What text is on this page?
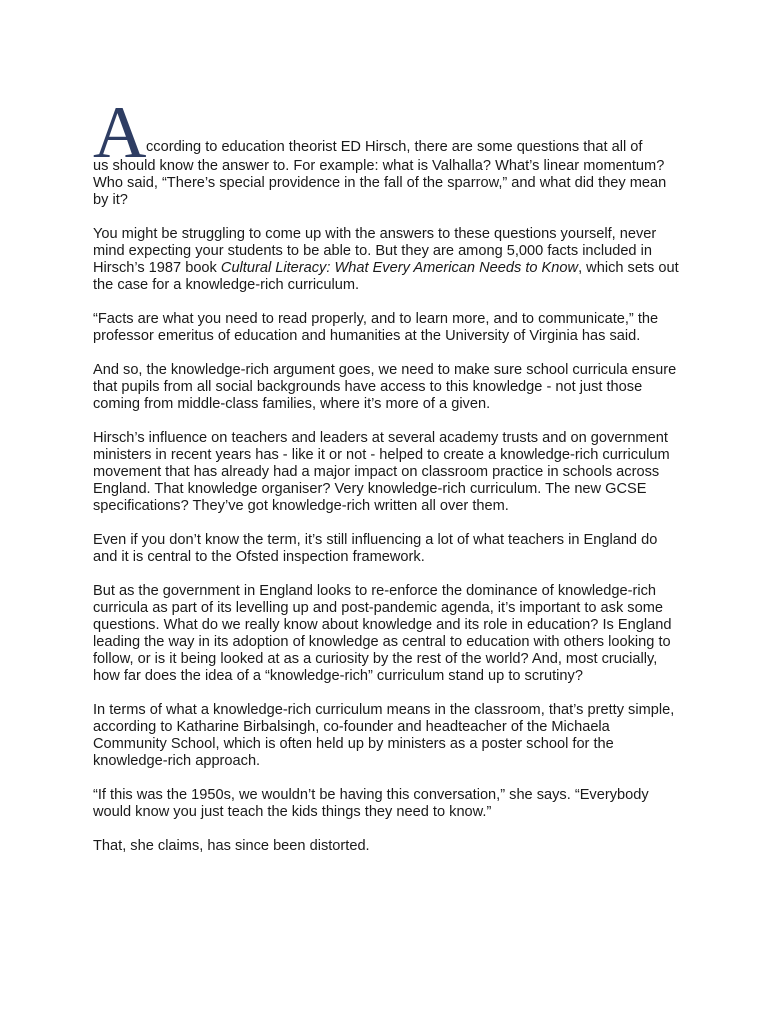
A ccording to education theorist ED Hirsch, there are some questions that all of

us should know the answer to. For example: what is Valhalla? What’s linear momentum? Who said, “There’s special providence in the fall of the sparrow,” and what did they mean by it?

You might be struggling to come up with the answers to these questions yourself, never mind expecting your students to be able to. But they are among 5,000 facts included in Hirsch’s 1987 book Cultural Literacy: What Every American Needs to Know, which sets out the case for a knowledge-rich curriculum.

“Facts are what you need to read properly, and to learn more, and to communicate,” the professor emeritus of education and humanities at the University of Virginia has said.

And so, the knowledge-rich argument goes, we need to make sure school curricula ensure that pupils from all social backgrounds have access to this knowledge - not just those coming from middle-class families, where it’s more of a given.

Hirsch’s influence on teachers and leaders at several academy trusts and on government ministers in recent years has - like it or not - helped to create a knowledge-rich curriculum movement that has already had a major impact on classroom practice in schools across England. That knowledge organiser? Very knowledge-rich curriculum. The new GCSE specifications? They’ve got knowledge-rich written all over them.

Even if you don’t know the term, it’s still influencing a lot of what teachers in England do and it is central to the Ofsted inspection framework.

But as the government in England looks to re-enforce the dominance of knowledge-rich curricula as part of its levelling up and post-pandemic agenda, it’s important to ask some questions. What do we really know about knowledge and its role in education? Is England leading the way in its adoption of knowledge as central to education with others looking to follow, or is it being looked at as a curiosity by the rest of the world? And, most crucially, how far does the idea of a “knowledge-rich” curriculum stand up to scrutiny?

In terms of what a knowledge-rich curriculum means in the classroom, that’s pretty simple, according to Katharine Birbalsingh, co-founder and headteacher of the Michaela Community School, which is often held up by ministers as a poster school for the knowledge-rich approach.

“If this was the 1950s, we wouldn’t be having this conversation,” she says. “Everybody would know you just teach the kids things they need to know.”

That, she claims, has since been distorted.
